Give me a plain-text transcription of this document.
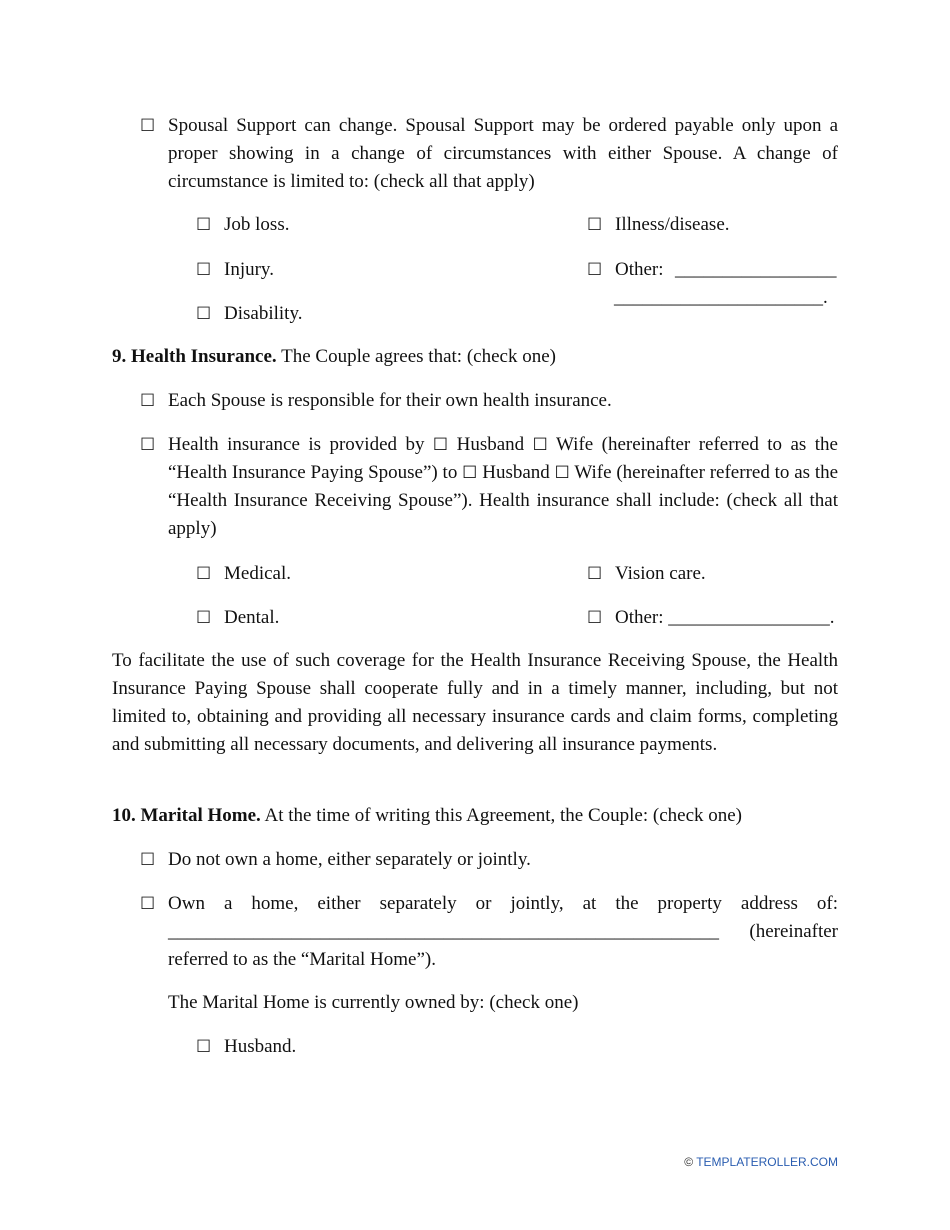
☐ Spousal Support can change. Spousal Support may be ordered payable only upon a proper showing in a change of circumstances with either Spouse. A change of circumstance is limited to: (check all that apply)
☐ Job loss.	☐ Illness/disease.
☐ Injury.	☐ Other: _________________
______________________.
☐ Disability.
9. Health Insurance. The Couple agrees that: (check one)
☐ Each Spouse is responsible for their own health insurance.
☐ Health insurance is provided by ☐ Husband ☐ Wife (hereinafter referred to as the “Health Insurance Paying Spouse”) to ☐ Husband ☐ Wife (hereinafter referred to as the “Health Insurance Receiving Spouse”). Health insurance shall include: (check all that apply)
☐ Medical.	☐ Vision care.
☐ Dental.	☐ Other: _________________.
To facilitate the use of such coverage for the Health Insurance Receiving Spouse, the Health Insurance Paying Spouse shall cooperate fully and in a timely manner, including, but not limited to, obtaining and providing all necessary insurance cards and claim forms, completing and submitting all necessary documents, and delivering all insurance payments.
10. Marital Home. At the time of writing this Agreement, the Couple: (check one)
☐ Do not own a home, either separately or jointly.
☐ Own a home, either separately or jointly, at the property address of: __________________________________________________________ (hereinafter referred to as the “Marital Home”).
The Marital Home is currently owned by: (check one)
☐ Husband.
© TEMPLATEROLLER.COM
